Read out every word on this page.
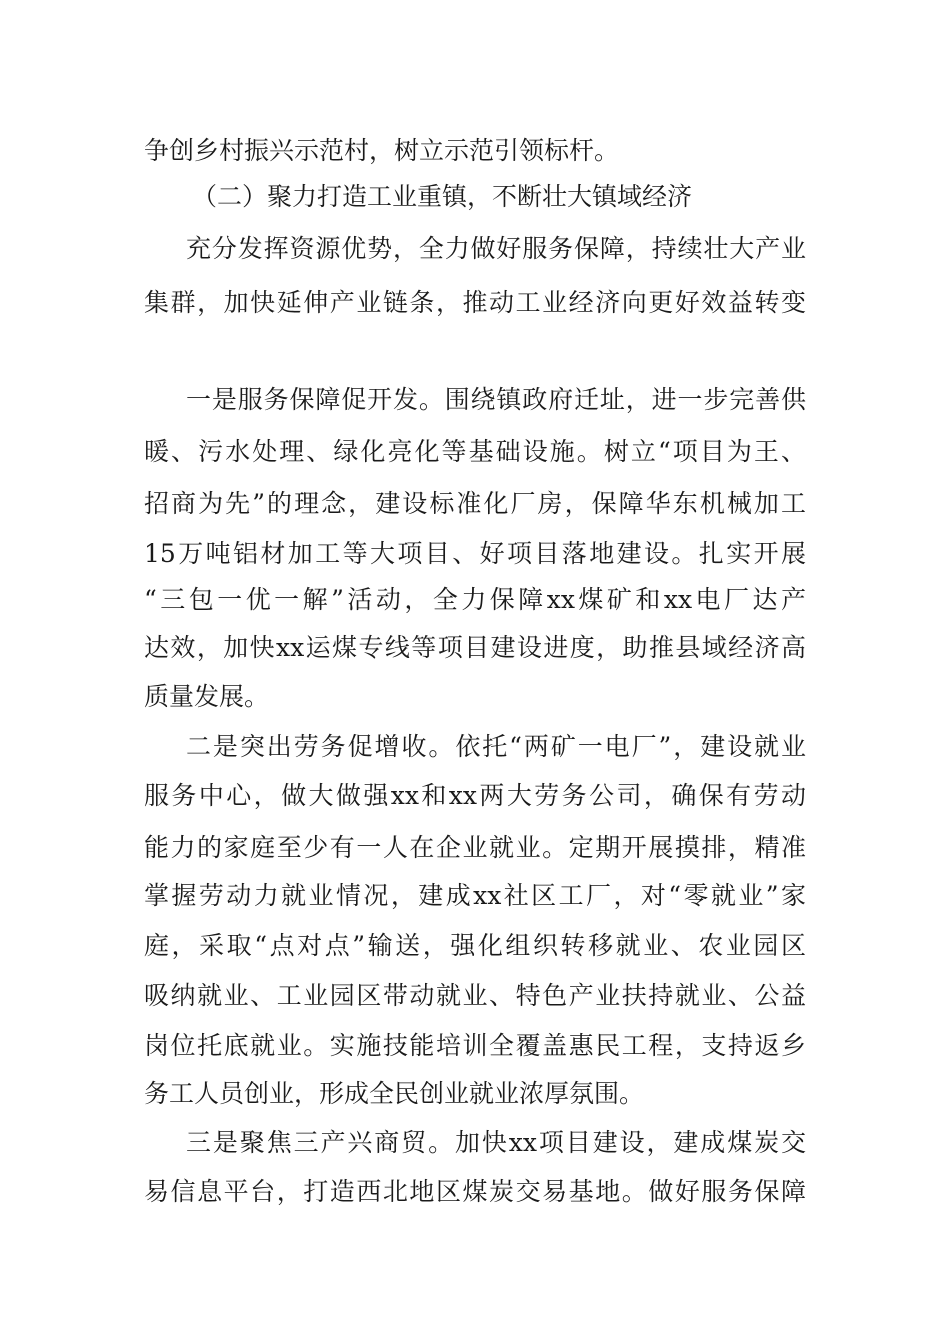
争创乡村振兴示范村，树立示范引领标杆。
（二）聚力打造工业重镇，不断壮大镇域经济
充分发挥资源优势，全力做好服务保障，持续壮大产业
集群，加快延伸产业链条，推动工业经济向更好效益转变
一是服务保障促开发。围绕镇政府迁址，进一步完善供
暖、污水处理、绿化亮化等基础设施。树立“项目为王、
招商为先”的理念，建设标准化厂房，保障华东机械加工
15万吨铝材加工等大项目、好项目落地建设。扎实开展
“三包一优一解”活动，全力保障xx煤矿和xx电厂达产
达效，加快xx运煤专线等项目建设进度，助推县域经济高
质量发展。
二是突出劳务促增收。依托“两矿一电厂”，建设就业
服务中心，做大做强xx和xx两大劳务公司，确保有劳动
能力的家庭至少有一人在企业就业。定期开展摸排，精准
掌握劳动力就业情况，建成xx社区工厂，对“零就业”家
庭，采取“点对点”输送，强化组织转移就业、农业园区
吸纳就业、工业园区带动就业、特色产业扶持就业、公益
岗位托底就业。实施技能培训全覆盖惠民工程，支持返乡
务工人员创业，形成全民创业就业浓厚氛围。
三是聚焦三产兴商贸。加快xx项目建设，建成煤炭交
易信息平台，打造西北地区煤炭交易基地。做好服务保障
